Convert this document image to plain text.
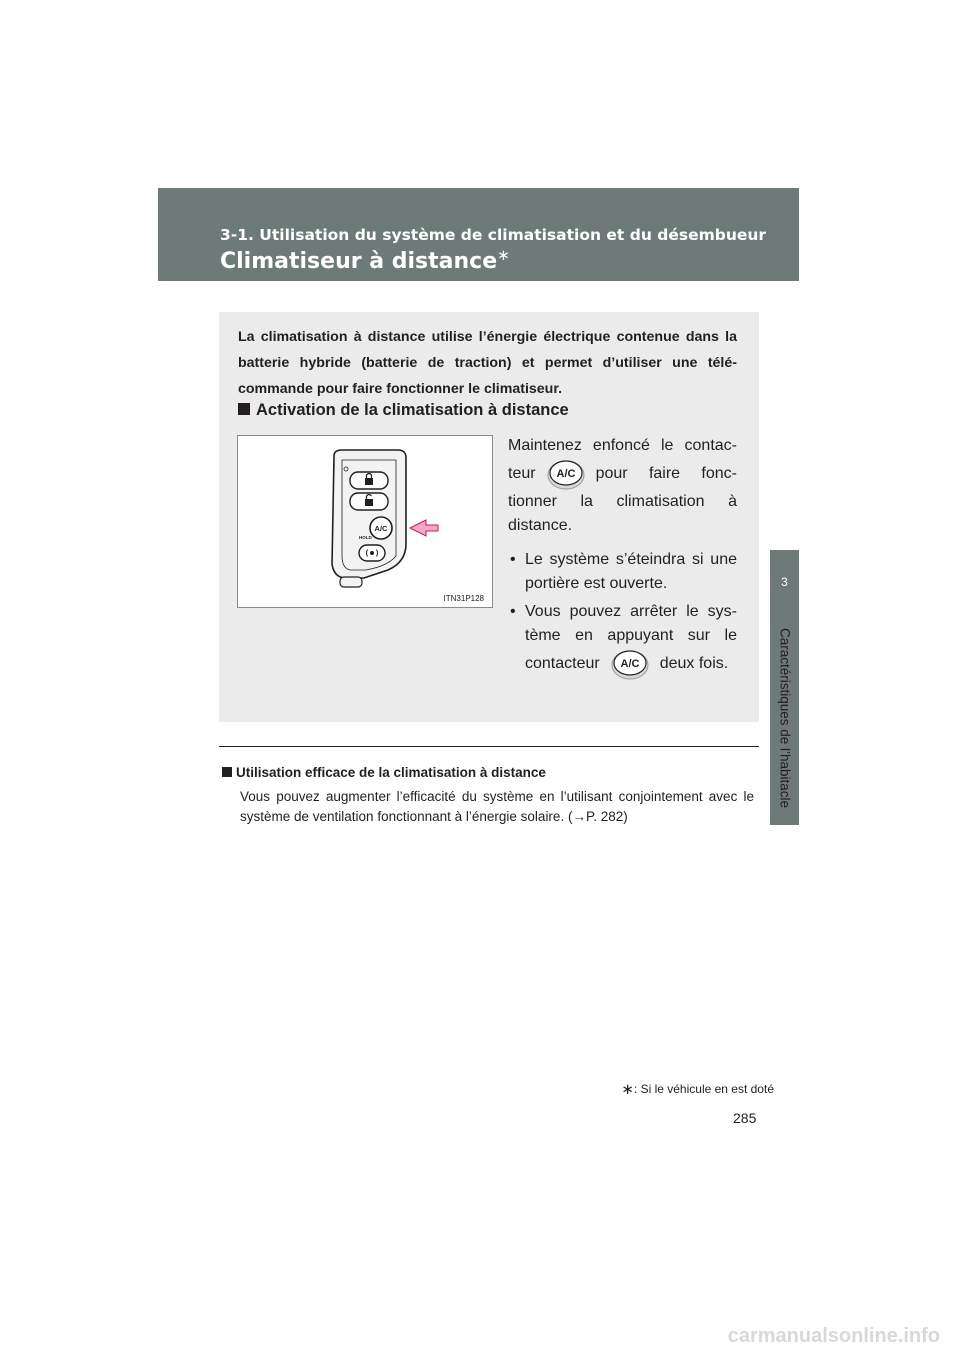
3-1. Utilisation du système de climatisation et du désembueur
Climatiseur à distance∗
3
Caractéristiques de l’habitacle
La climatisation à distance utilise l’énergie électrique contenue dans la batterie hybride (batterie de traction) et permet d’utiliser une télé-commande pour faire fonctionner le climatiseur.
Activation de la climatisation à distance
A/C
HOLD
ITN31P128

Maintenez enfoncé le contac-teur A/C pour faire fonc-tionner la climatisation à distance.

• Le système s’éteindra si une portière est ouverte.
• Vous pouvez arrêter le sys-tème en appuyant sur le contacteur A/C deux fois.
Utilisation efficace de la climatisation à distance
Vous pouvez augmenter l’efficacité du système en l’utilisant conjointement avec le système de ventilation fonctionnant à l’énergie solaire. (→P. 282)
∗: Si le véhicule en est doté
285
carmanualsonline.info
